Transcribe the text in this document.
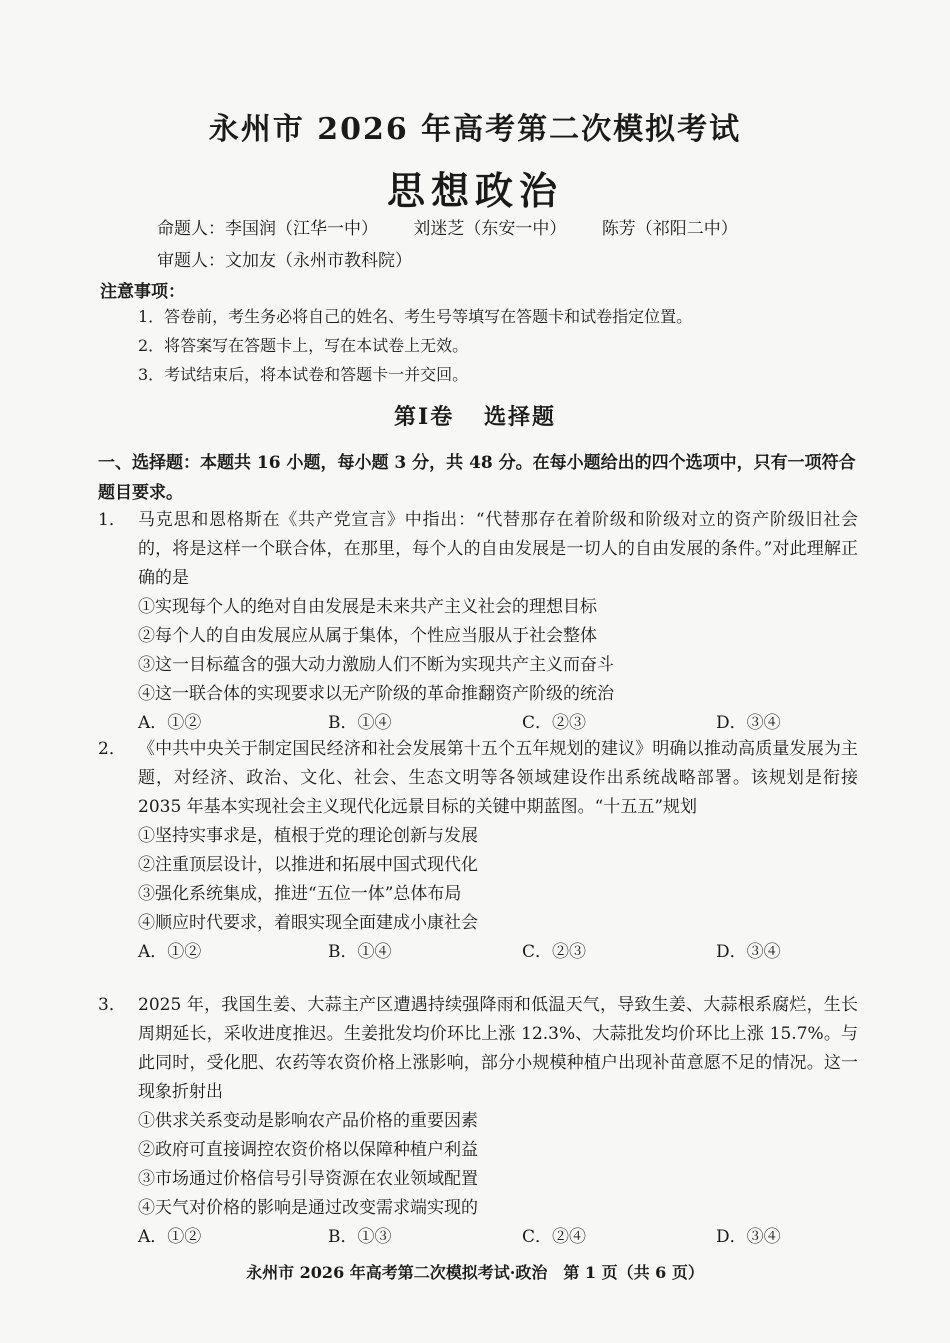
永州市 2026 年高考第二次模拟考试
思想政治
命题人：李国润（江华一中） 刘迷芝（东安一中） 陈芳（祁阳二中）
审题人：文加友（永州市教科院）
注意事项：
1．答卷前，考生务必将自己的姓名、考生号等填写在答题卡和试卷指定位置。
2．将答案写在答题卡上，写在本试卷上无效。
3．考试结束后，将本试卷和答题卡一并交回。
第Ⅰ卷 选择题
一、选择题：本题共 16 小题，每小题 3 分，共 48 分。在每小题给出的四个选项中，只有一项符合题目要求。
1． 马克思和恩格斯在《共产党宣言》中指出：“代替那存在着阶级和阶级对立的资产阶级旧社会的，将是这样一个联合体，在那里，每个人的自由发展是一切人的自由发展的条件。”对此理解正确的是
①实现每个人的绝对自由发展是未来共产主义社会的理想目标
②每个人的自由发展应从属于集体，个性应当服从于社会整体
③这一目标蕴含的强大动力激励人们不断为实现共产主义而奋斗
④这一联合体的实现要求以无产阶级的革命推翻资产阶级的统治
A．①②	B．①④	C．②③	D．③④
2． 《中共中央关于制定国民经济和社会发展第十五个五年规划的建议》明确以推动高质量发展为主题，对经济、政治、文化、社会、生态文明等各领域建设作出系统战略部署。该规划是衔接 2035 年基本实现社会主义现代化远景目标的关键中期蓝图。“十五五”规划
①坚持实事求是，植根于党的理论创新与发展
②注重顶层设计，以推进和拓展中国式现代化
③强化系统集成，推进“五位一体”总体布局
④顺应时代要求，着眼实现全面建成小康社会
A．①②	B．①④	C．②③	D．③④
3． 2025 年，我国生姜、大蒜主产区遭遇持续强降雨和低温天气，导致生姜、大蒜根系腐烂，生长周期延长，采收进度推迟。生姜批发均价环比上涨 12.3%、大蒜批发均价环比上涨 15.7%。与此同时，受化肥、农药等农资价格上涨影响，部分小规模种植户出现补苗意愿不足的情况。这一现象折射出
①供求关系变动是影响农产品价格的重要因素
②政府可直接调控农资价格以保障种植户利益
③市场通过价格信号引导资源在农业领域配置
④天气对价格的影响是通过改变需求端实现的
A．①②	B．①③	C．②④	D．③④
永州市 2026 年高考第二次模拟考试·政治　第 1 页（共 6 页）
